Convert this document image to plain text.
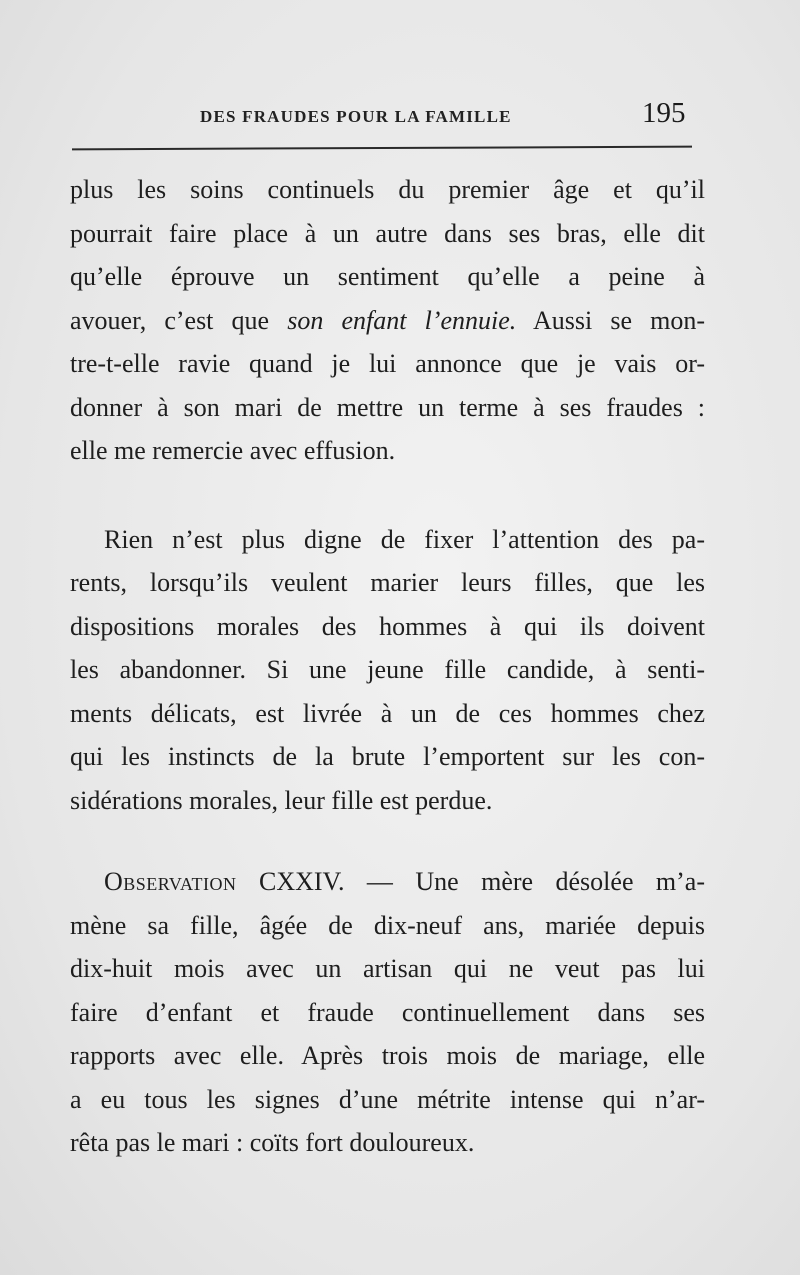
DES FRAUDES POUR LA FAMILLE	195

plus les soins continuels du premier âge et qu’il
pourrait faire place à un autre dans ses bras, elle dit
qu’elle éprouve un sentiment qu’elle a peine à
avouer, c’est que son enfant l’ennuie. Aussi se mon-
tre-t-elle ravie quand je lui annonce que je vais or-
donner à son mari de mettre un terme à ses fraudes :
elle me remercie avec effusion.

Rien n’est plus digne de fixer l’attention des pa-
rents, lorsqu’ils veulent marier leurs filles, que les
dispositions morales des hommes à qui ils doivent
les abandonner. Si une jeune fille candide, à senti-
ments délicats, est livrée à un de ces hommes chez
qui les instincts de la brute l’emportent sur les con-
sidérations morales, leur fille est perdue.

Observation CXXIV. — Une mère désolée m’a-
mène sa fille, âgée de dix-neuf ans, mariée depuis
dix-huit mois avec un artisan qui ne veut pas lui
faire d’enfant et fraude continuellement dans ses
rapports avec elle. Après trois mois de mariage, elle
a eu tous les signes d’une métrite intense qui n’ar-
rêta pas le mari : coïts fort douloureux.
